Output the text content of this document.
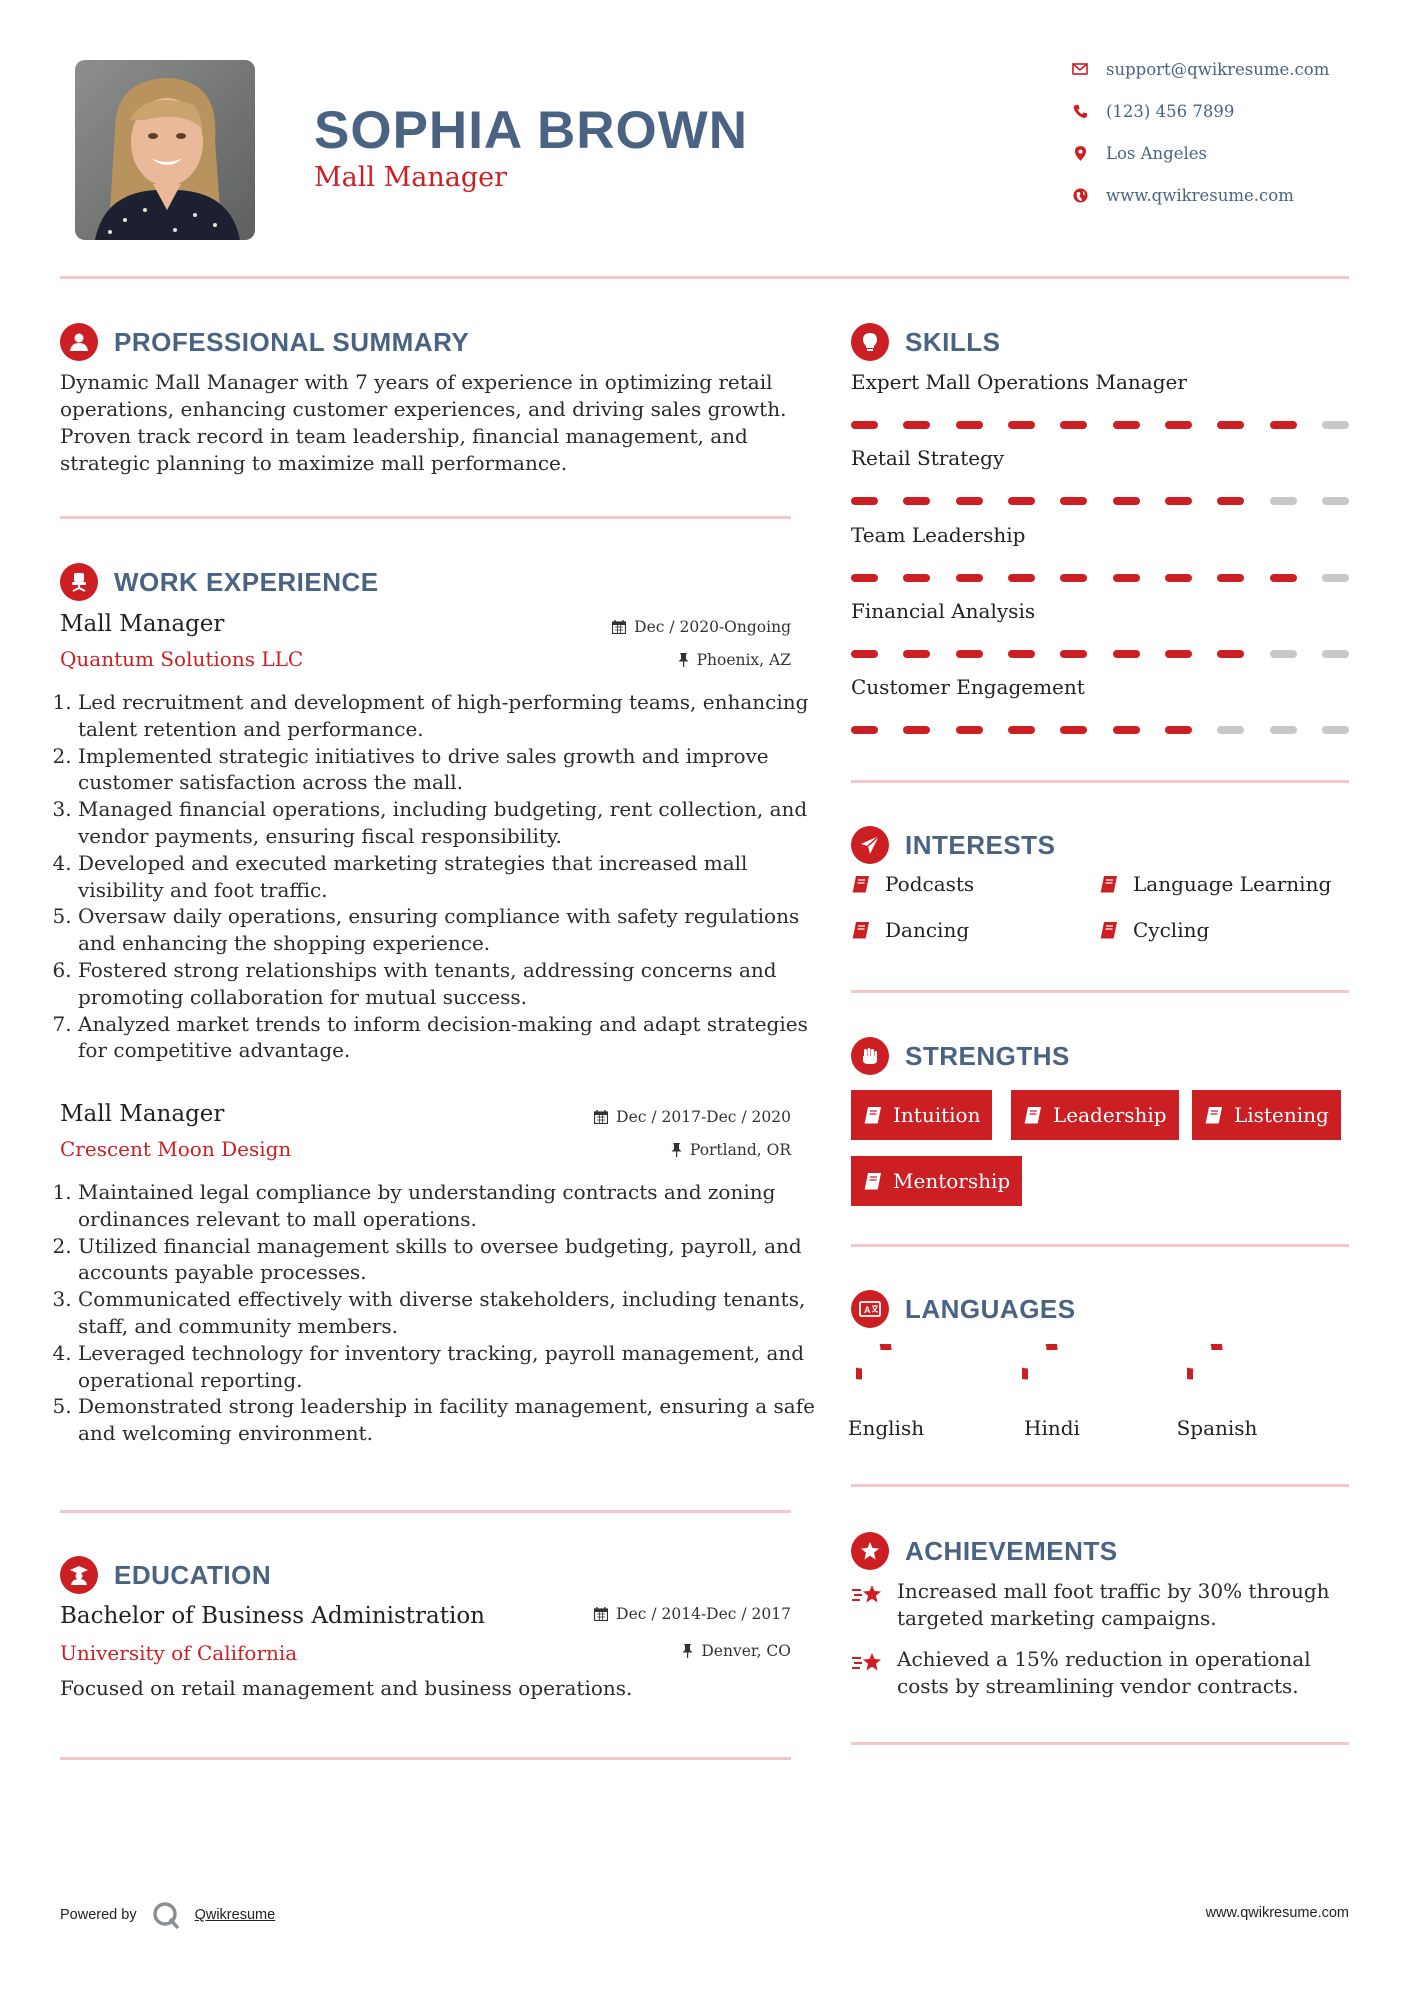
SOPHIA BROWN
Mall Manager
support@qwikresume.com
(123) 456 7899
Los Angeles
www.qwikresume.com
PROFESSIONAL SUMMARY
Dynamic Mall Manager with 7 years of experience in optimizing retail operations, enhancing customer experiences, and driving sales growth. Proven track record in team leadership, financial management, and strategic planning to maximize mall performance.
WORK EXPERIENCE
Mall Manager	Dec / 2020-Ongoing
Quantum Solutions LLC	Phoenix, AZ
1. Led recruitment and development of high-performing teams, enhancing talent retention and performance.
2. Implemented strategic initiatives to drive sales growth and improve customer satisfaction across the mall.
3. Managed financial operations, including budgeting, rent collection, and vendor payments, ensuring fiscal responsibility.
4. Developed and executed marketing strategies that increased mall visibility and foot traffic.
5. Oversaw daily operations, ensuring compliance with safety regulations and enhancing the shopping experience.
6. Fostered strong relationships with tenants, addressing concerns and promoting collaboration for mutual success.
7. Analyzed market trends to inform decision-making and adapt strategies for competitive advantage.
Mall Manager	Dec / 2017-Dec / 2020
Crescent Moon Design	Portland, OR
1. Maintained legal compliance by understanding contracts and zoning ordinances relevant to mall operations.
2. Utilized financial management skills to oversee budgeting, payroll, and accounts payable processes.
3. Communicated effectively with diverse stakeholders, including tenants, staff, and community members.
4. Leveraged technology for inventory tracking, payroll management, and operational reporting.
5. Demonstrated strong leadership in facility management, ensuring a safe and welcoming environment.
EDUCATION
Bachelor of Business Administration	Dec / 2014-Dec / 2017
University of California	Denver, CO
Focused on retail management and business operations.
SKILLS
Expert Mall Operations Manager
Retail Strategy
Team Leadership
Financial Analysis
Customer Engagement
INTERESTS
Podcasts	Language Learning
Dancing	Cycling
STRENGTHS
Intuition	Leadership	Listening
Mentorship
A LANGUAGES
English	Hindi	Spanish
ACHIEVEMENTS
Increased mall foot traffic by 30% through targeted marketing campaigns.
Achieved a 15% reduction in operational costs by streamlining vendor contracts.
Powered by	Qwikresume	www.qwikresume.com
